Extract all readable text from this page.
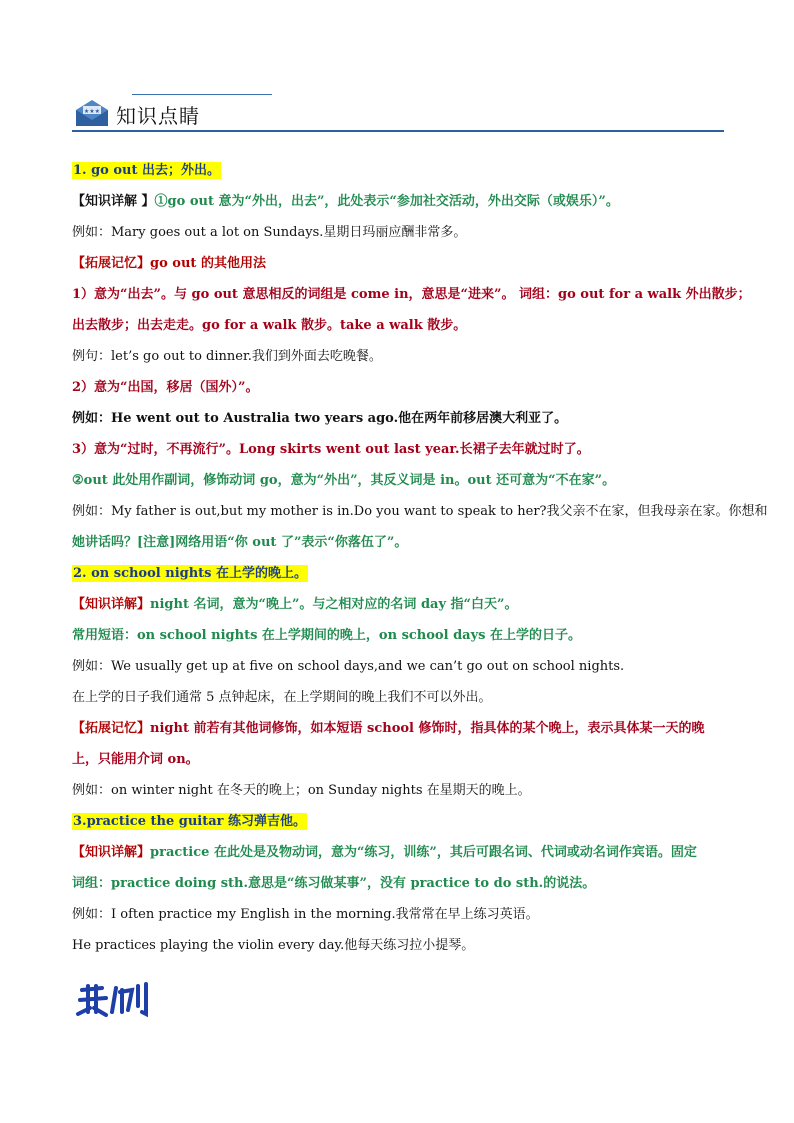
★★★ 知识点睛
1. go out 出去；外出。
【知识详解 】①go out 意为“外出，出去”，此处表示“参加社交活动，外出交际（或娱乐）”。
例如：Mary goes out a lot on Sundays.星期日玛丽应酬非常多。
【拓展记忆】go out 的其他用法
1）意为“出去”。与 go out 意思相反的词组是 come in，意思是“进来”。 词组：go out for a walk 外出散步；
出去散步；出去走走。go for a walk 散步。take a walk 散步。
例句：let’s go out to dinner.我们到外面去吃晚餐。
2）意为“出国，移居（国外）”。
例如：He went out to Australia two years ago.他在两年前移居澳大利亚了。
3）意为“过时，不再流行”。Long skirts went out last year.长裙子去年就过时了。
②out 此处用作副词，修饰动词 go，意为“外出”，其反义词是 in。out 还可意为“不在家”。
例如：My father is out,but my mother is in.Do you want to speak to her?我父亲不在家，但我母亲在家。你想和
她讲话吗？[注意]网络用语“你 out 了”表示“你落伍了”。
2. on school nights 在上学的晚上。
【知识详解】night 名词，意为“晚上”。与之相对应的名词 day 指“白天”。
常用短语：on school nights 在上学期间的晚上，on school days 在上学的日子。
例如：We usually get up at five on school days,and we can’t go out on school nights.
在上学的日子我们通常 5 点钟起床，在上学期间的晚上我们不可以外出。
【拓展记忆】night 前若有其他词修饰，如本短语 school 修饰时，指具体的某个晚上，表示具体某一天的晚
上，只能用介词 on。
例如：on winter night 在冬天的晚上；on Sunday nights 在星期天的晚上。
3.practice the guitar 练习弹吉他。
【知识详解】practice 在此处是及物动词，意为“练习，训练”，其后可跟名词、代词或动名词作宾语。固定
词组：practice doing sth.意思是“练习做某事”，没有 practice to do sth.的说法。
例如：I often practice my English in the morning.我常常在早上练习英语。
He practices playing the violin every day.他每天练习拉小提琴。
